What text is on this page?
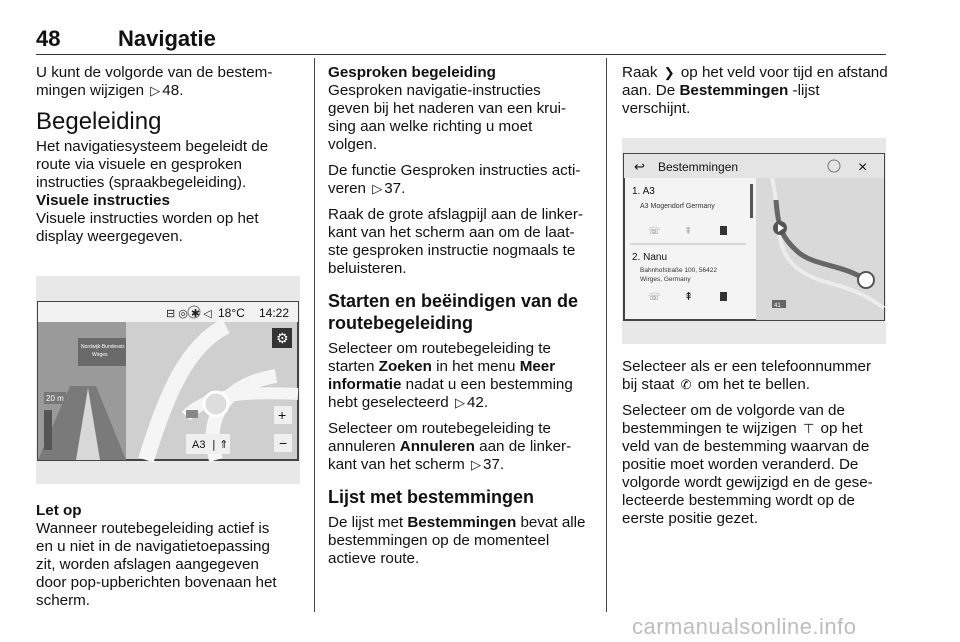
48	Navigatie

U kunt de volgorde van de bestem-

mingen wijzigen ▷ 48.

Begeleiding

Het navigatiesysteem begeleidt de

route via visuele en gesproken

instructies (spraakbegeleiding).

Visuele instructies

Visuele instructies worden op het

display weergegeven.

⊟ ◎ ✱ ◁ 18°C 14:22
Nordwijk-Bundesstr.
Wirges
20 m
⚙
+
−
A3 | ⇑

Let op

Wanneer routebegeleiding actief is

en u niet in de navigatietoepassing

zit, worden afslagen aangegeven

door pop-upberichten bovenaan het

scherm.

Gesproken begeleiding

Gesproken navigatie-instructies

geven bij het naderen van een krui-

sing aan welke richting u moet

volgen.

De functie Gesproken instructies acti-

veren ▷ 37.

Raak de grote afslagpijl aan de linker-

kant van het scherm aan om de laat-

ste gesproken instructie nogmaals te

beluisteren.

Starten en beëindigen van de
routebegeleiding

Selecteer om routebegeleiding te

starten Zoeken in het menu Meer

informatie nadat u een bestemming

hebt geselecteerd ▷ 42.

Selecteer om routebegeleiding te

annuleren Annuleren aan de linker-

kant van het scherm ▷ 37.

Lijst met bestemmingen

De lijst met Bestemmingen bevat alle

bestemmingen op de momenteel

actieve route.

Raak ❯ op het veld voor tijd en afstand

aan. De Bestemmingen -lijst

verschijnt.

↩ Bestemmingen	×
1. A3
A3 Mogendorf Germany
☏ ⇞
2. Nanu
Bahnhofstraße 100, 56422
Wirges, Germany
☏ ⇞
41

Selecteer als er een telefoonnummer

bij staat ✆ om het te bellen.

Selecteer om de volgorde van de

bestemmingen te wijzigen ⊤ op het

veld van de bestemming waarvan de

positie moet worden veranderd. De

volgorde wordt gewijzigd en de gese-

lecteerde bestemming wordt op de

eerste positie gezet.

carmanualsonline.info
